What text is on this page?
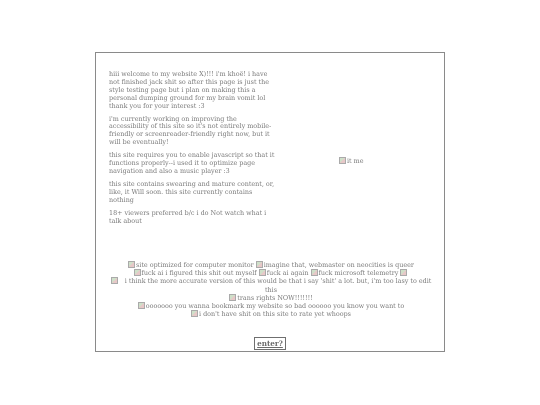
hiii welcome to my website X)!!! i'm khoë! i have not finished jack shit so after this page is just the style testing page but i plan on making this a personal dumping ground for my brain vomit lol thank you for your interest :3

i'm currently working on improving the accessibility of this site so it's not entirely mobile-friendly or screenreader-friendly right now, but it will be eventually!

this site requires you to enable javascript so that it functions properly--i used it to optimize page navigation and also a music player :3

this site contains swearing and mature content, or, like, it Will soon. this site currently contains nothing

18+ viewers preferred b/c i do Not watch what i talk about

it me
site optimized for computer monitor imagine that, webmaster on neocities is queer
fuck ai i figured this shit out myself fuck ai again fuck microsoft telemetry
i think the more accurate version of this would be that i say 'shit' a lot. but, i'm too lasy to edit this
trans rights NOW!!!!!!!
ooooooo you wanna bookmark my website so bad oooooo you know you want to
i don't have shit on this site to rate yet whoops
enter?
